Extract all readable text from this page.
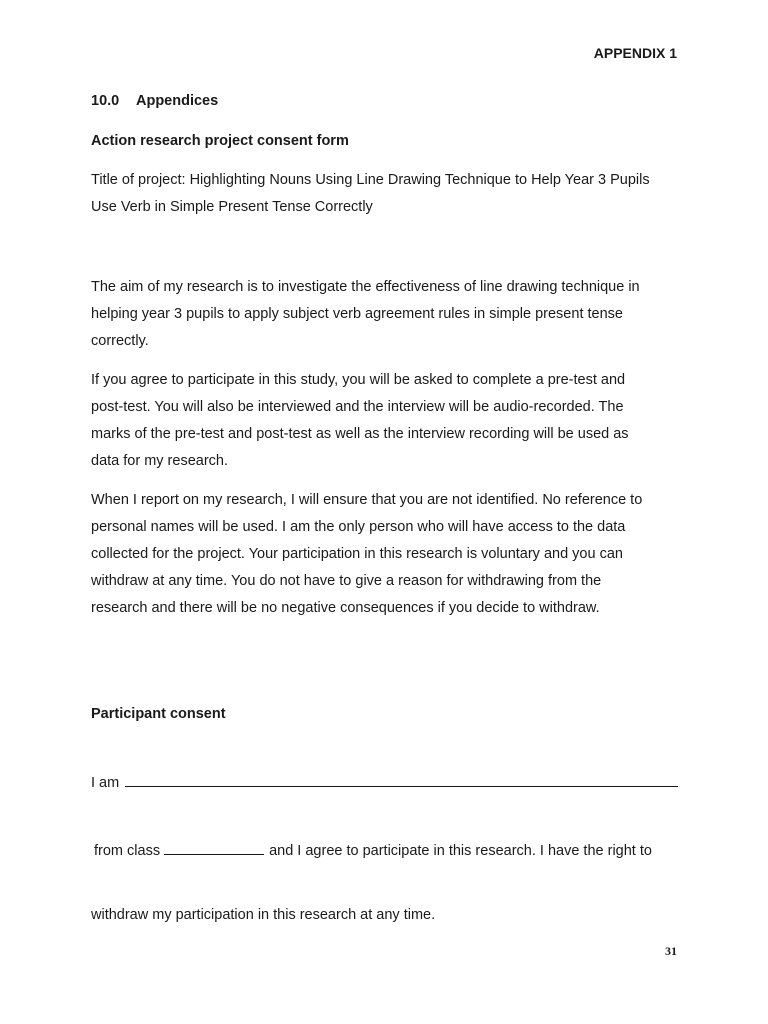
APPENDIX 1

10.0 Appendices

Action research project consent form

Title of project: Highlighting Nouns Using Line Drawing Technique to Help Year 3 Pupils
Use Verb in Simple Present Tense Correctly

The aim of my research is to investigate the effectiveness of line drawing technique in
helping year 3 pupils to apply subject verb agreement rules in simple present tense
correctly.

If you agree to participate in this study, you will be asked to complete a pre-test and
post-test. You will also be interviewed and the interview will be audio-recorded. The
marks of the pre-test and post-test as well as the interview recording will be used as
data for my research.

When I report on my research, I will ensure that you are not identified. No reference to
personal names will be used. I am the only person who will have access to the data
collected for the project. Your participation in this research is voluntary and you can
withdraw at any time. You do not have to give a reason for withdrawing from the
research and there will be no negative consequences if you decide to withdraw.

Participant consent

I am

from class	and I agree to participate in this research. I have the right to

withdraw my participation in this research at any time.

31
